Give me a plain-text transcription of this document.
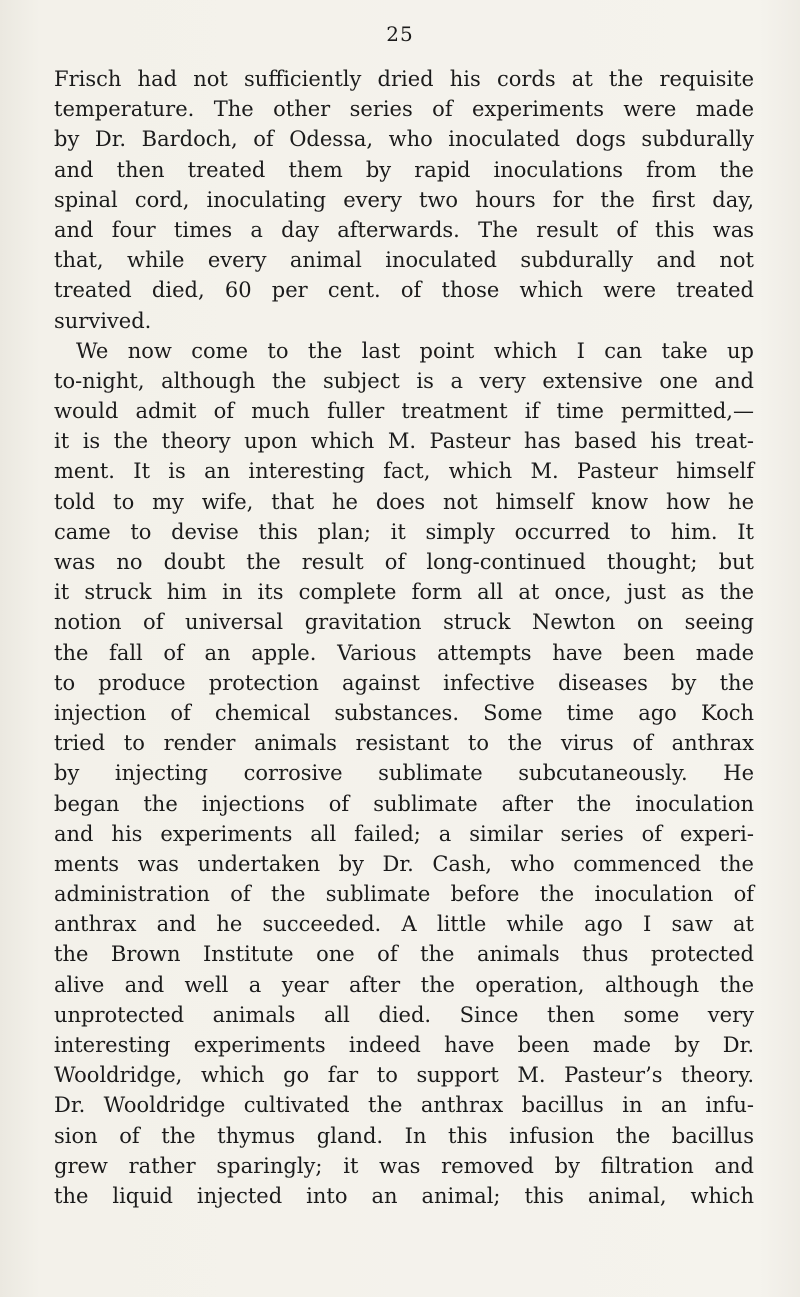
25
Frisch had not sufficiently dried his cords at the requisite
temperature. The other series of experiments were made
by Dr. Bardoch, of Odessa, who inoculated dogs subdurally
and then treated them by rapid inoculations from the
spinal cord, inoculating every two hours for the first day,
and four times a day afterwards. The result of this was
that, while every animal inoculated subdurally and not
treated died, 60 per cent. of those which were treated
survived.
We now come to the last point which I can take up
to-night, although the subject is a very extensive one and
would admit of much fuller treatment if time permitted,—
it is the theory upon which M. Pasteur has based his treat-
ment. It is an interesting fact, which M. Pasteur himself
told to my wife, that he does not himself know how he
came to devise this plan; it simply occurred to him. It
was no doubt the result of long-continued thought; but
it struck him in its complete form all at once, just as the
notion of universal gravitation struck Newton on seeing
the fall of an apple. Various attempts have been made
to produce protection against infective diseases by the
injection of chemical substances. Some time ago Koch
tried to render animals resistant to the virus of anthrax
by injecting corrosive sublimate subcutaneously. He
began the injections of sublimate after the inoculation
and his experiments all failed; a similar series of experi-
ments was undertaken by Dr. Cash, who commenced the
administration of the sublimate before the inoculation of
anthrax and he succeeded. A little while ago I saw at
the Brown Institute one of the animals thus protected
alive and well a year after the operation, although the
unprotected animals all died. Since then some very
interesting experiments indeed have been made by Dr.
Wooldridge, which go far to support M. Pasteur’s theory.
Dr. Wooldridge cultivated the anthrax bacillus in an infu-
sion of the thymus gland. In this infusion the bacillus
grew rather sparingly; it was removed by filtration and
the liquid injected into an animal; this animal, which
